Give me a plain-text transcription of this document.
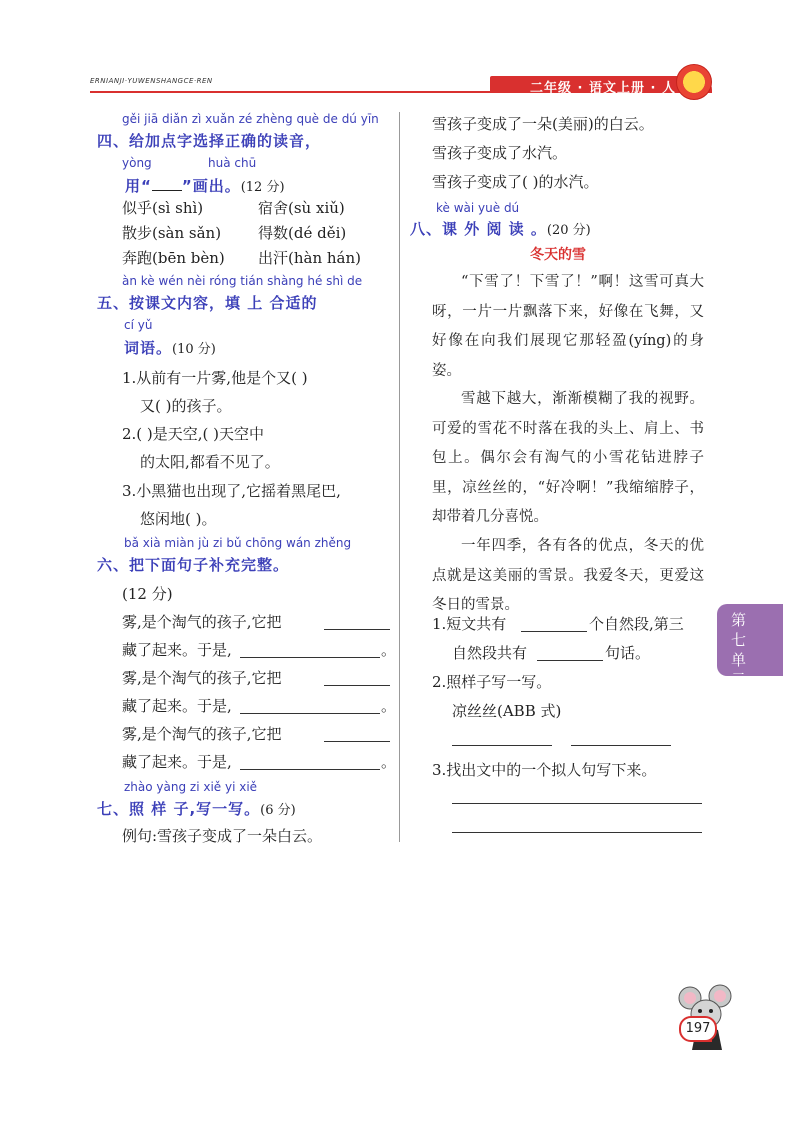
ERNIANJI·YUWENSHANGCE·REN	二年级 · 语文上册 · 人
gěi jiā diǎn zì xuǎn zé zhèng què de dú yīn
四、给加点字选择正确的读音，
yòng	huà chū
用“ ”画出。(12 分)
似乎(sì shì)	宿舍(sù xiǔ)
散步(sàn sǎn) 得数(dé děi)
奔跑(bēn bèn) 出汗(hàn hán)
àn kè wén nèi róng tián shàng hé shì de
五、按课文内容，填 上 合适的
cí yǔ
词语。(10 分)
1.从前有一片雾,他是个又( )
又( )的孩子。
2.( )是天空,( )天空中
的太阳,都看不见了。
3.小黑猫也出现了,它摇着黑尾巴,
悠闲地( )。
bǎ xià miàn jù zi bǔ chōng wán zhěng
六、把下面句子补充完整。
(12 分)
雾,是个淘气的孩子,它把
藏了起来。于是,	。
雾,是个淘气的孩子,它把
藏了起来。于是,	。
雾,是个淘气的孩子,它把
藏了起来。于是,	。
zhào yàng zi xiě yi xiě
七、照 样 子,写一写。(6 分)
例句:雪孩子变成了一朵白云。
雪孩子变成了一朵(美丽)的白云。
雪孩子变成了水汽。
雪孩子变成了( )的水汽。
kè wài yuè dú
八、课 外 阅 读 。(20 分)
冬天的雪

“下雪了！下雪了！”啊！这雪可真大呀，一片一片飘落下来，好像在飞舞，又好像在向我们展现它那轻盈(yíng)的身姿。

雪越下越大，渐渐模糊了我的视野。可爱的雪花不时落在我的头上、肩上、书包上。偶尔会有淘气的小雪花钻进脖子里，凉丝丝的，“好冷啊！”我缩缩脖子，却带着几分喜悦。

一年四季，各有各的优点，冬天的优点就是这美丽的雪景。我爱冬天，更爱这冬日的雪景。

1.短文共有	个自然段,第三
自然段共有	句话。
2.照样子写一写。
凉丝丝(ABB 式)
3.找出文中的一个拟人句写下来。
第七单元
197
